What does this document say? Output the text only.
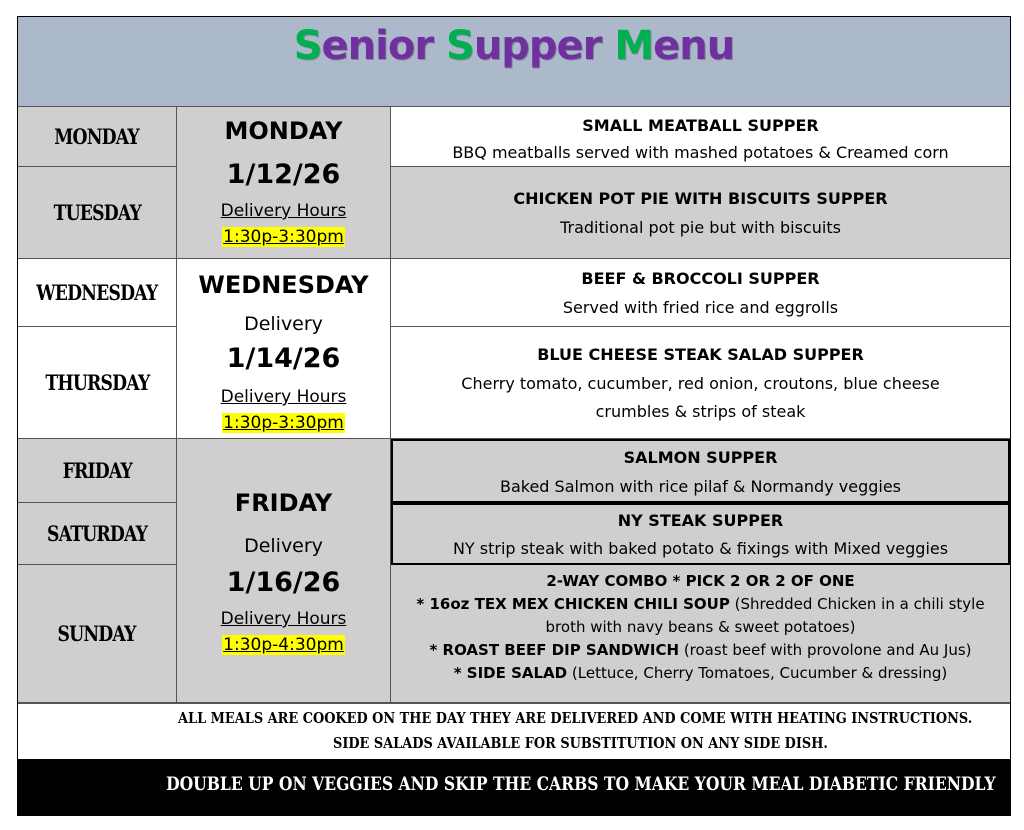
Senior Supper Menu
MONDAY
TUESDAY
WEDNESDAY
THURSDAY
FRIDAY
SATURDAY
SUNDAY
MONDAY
1/12/26
Delivery Hours
1:30p-3:30pm
WEDNESDAY
Delivery
1/14/26
Delivery Hours
1:30p-3:30pm
FRIDAY
Delivery
1/16/26
Delivery Hours
1:30p-4:30pm
SMALL MEATBALL SUPPER
BBQ meatballs served with mashed potatoes & Creamed corn
CHICKEN POT PIE WITH BISCUITS SUPPER
Traditional pot pie but with biscuits
BEEF & BROCCOLI SUPPER
Served with fried rice and eggrolls
BLUE CHEESE STEAK SALAD SUPPER
Cherry tomato, cucumber, red onion, croutons, blue cheese
crumbles & strips of steak
SALMON SUPPER
Baked Salmon with rice pilaf & Normandy veggies
NY STEAK SUPPER
NY strip steak with baked potato & fixings with Mixed veggies
2-WAY COMBO * PICK 2 OR 2 OF ONE
* 16oz TEX MEX CHICKEN CHILI SOUP (Shredded Chicken in a chili style
broth with navy beans & sweet potatoes)
* ROAST BEEF DIP SANDWICH (roast beef with provolone and Au Jus)
* SIDE SALAD (Lettuce, Cherry Tomatoes, Cucumber & dressing)
ALL MEALS ARE COOKED ON THE DAY THEY ARE DELIVERED AND COME WITH HEATING INSTRUCTIONS.
SIDE SALADS AVAILABLE FOR SUBSTITUTION ON ANY SIDE DISH.
DOUBLE UP ON VEGGIES AND SKIP THE CARBS TO MAKE YOUR MEAL DIABETIC FRIENDLY
